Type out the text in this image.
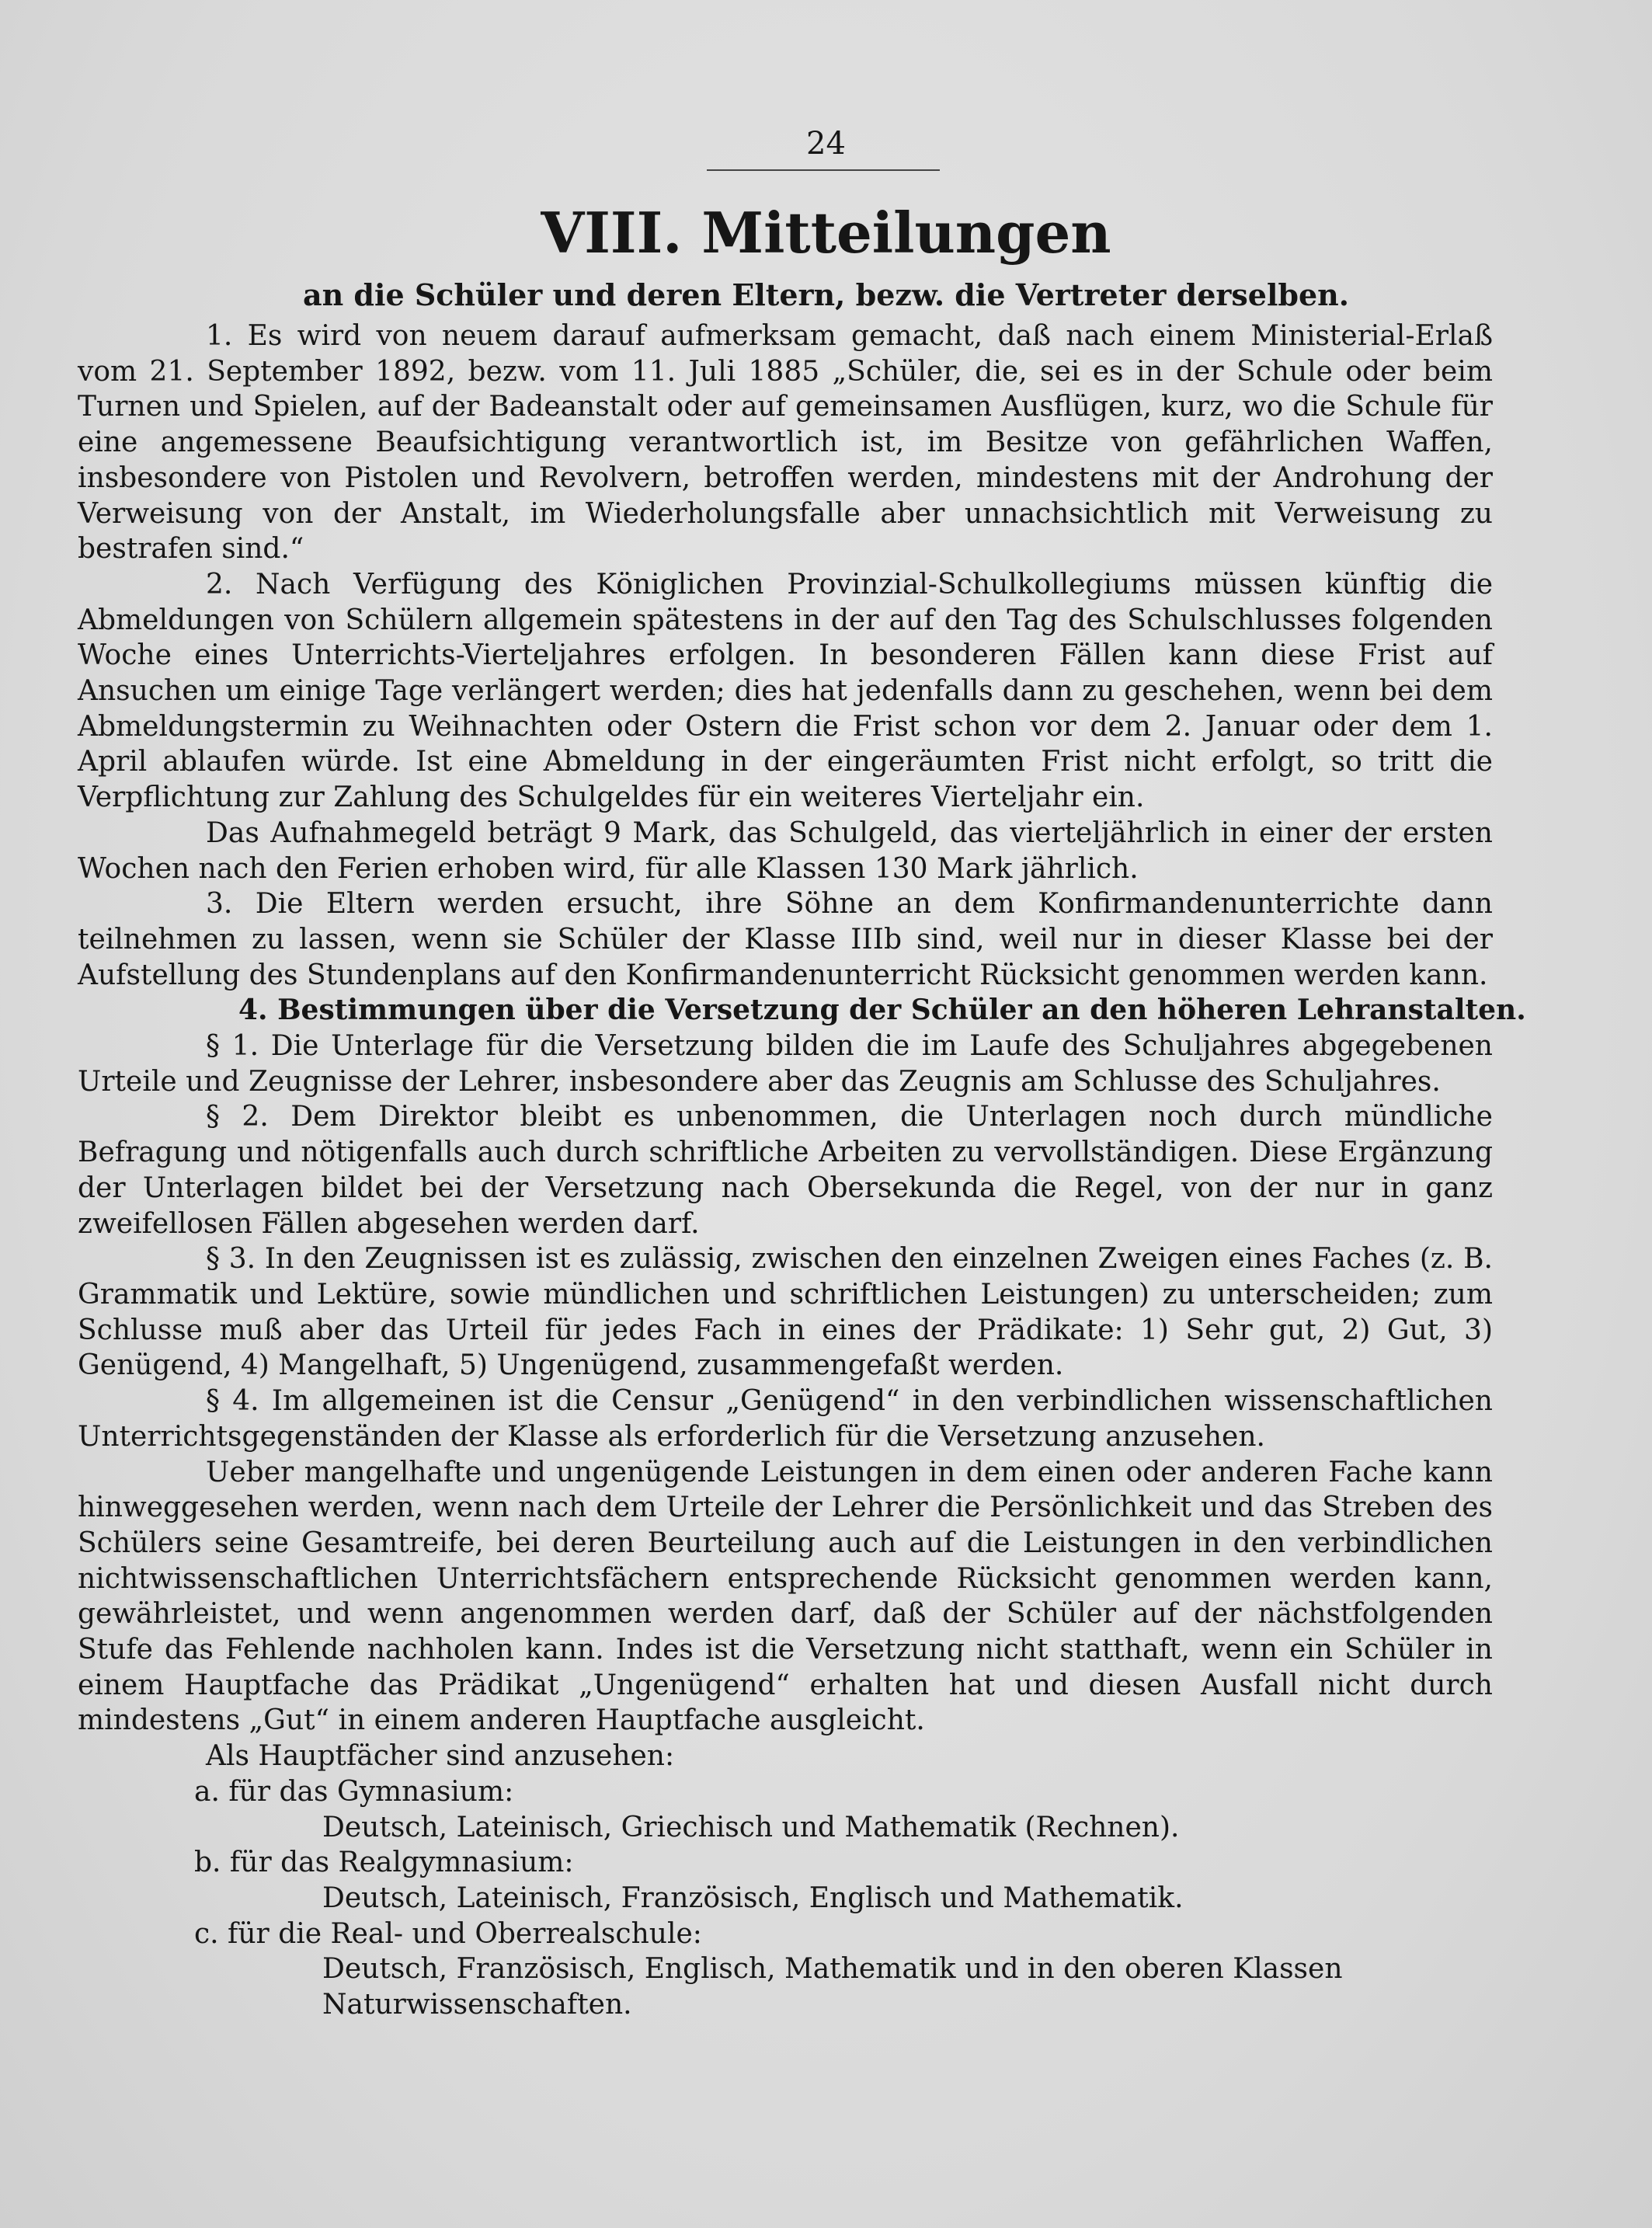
24
VIII. Mitteilungen
an die Schüler und deren Eltern, bezw. die Vertreter derselben.

1. Es wird von neuem darauf aufmerksam gemacht, daß nach einem Ministerial-Erlaß vom 21. September 1892, bezw. vom 11. Juli 1885 „Schüler, die, sei es in der Schule oder beim Turnen und Spielen, auf der Badeanstalt oder auf gemeinsamen Ausflügen, kurz, wo die Schule für eine angemessene Beaufsichtigung verantwortlich ist, im Besitze von gefährlichen Waffen, insbesondere von Pistolen und Revolvern, betroffen werden, mindestens mit der Androhung der Verweisung von der Anstalt, im Wiederholungsfalle aber unnachsichtlich mit Verweisung zu bestrafen sind.“

2. Nach Verfügung des Königlichen Provinzial-Schulkollegiums müssen künftig die Abmeldungen von Schülern allgemein spätestens in der auf den Tag des Schulschlusses folgenden Woche eines Unterrichts-Vierteljahres erfolgen. In besonderen Fällen kann diese Frist auf Ansuchen um einige Tage verlängert werden; dies hat jedenfalls dann zu geschehen, wenn bei dem Abmeldungstermin zu Weihnachten oder Ostern die Frist schon vor dem 2. Januar oder dem 1. April ablaufen würde. Ist eine Abmeldung in der eingeräumten Frist nicht erfolgt, so tritt die Verpflichtung zur Zahlung des Schulgeldes für ein weiteres Vierteljahr ein.

Das Aufnahmegeld beträgt 9 Mark, das Schulgeld, das vierteljährlich in einer der ersten Wochen nach den Ferien erhoben wird, für alle Klassen 130 Mark jährlich.

3. Die Eltern werden ersucht, ihre Söhne an dem Konfirmandenunterrichte dann teilnehmen zu lassen, wenn sie Schüler der Klasse IIIb sind, weil nur in dieser Klasse bei der Aufstellung des Stundenplans auf den Konfirmandenunterricht Rücksicht genommen werden kann.

4. Bestimmungen über die Versetzung der Schüler an den höheren Lehranstalten.

§ 1. Die Unterlage für die Versetzung bilden die im Laufe des Schuljahres abgegebenen Urteile und Zeugnisse der Lehrer, insbesondere aber das Zeugnis am Schlusse des Schuljahres.

§ 2. Dem Direktor bleibt es unbenommen, die Unterlagen noch durch mündliche Befragung und nötigenfalls auch durch schriftliche Arbeiten zu vervollständigen. Diese Ergänzung der Unterlagen bildet bei der Versetzung nach Obersekunda die Regel, von der nur in ganz zweifellosen Fällen abgesehen werden darf.

§ 3. In den Zeugnissen ist es zulässig, zwischen den einzelnen Zweigen eines Faches (z. B. Grammatik und Lektüre, sowie mündlichen und schriftlichen Leistungen) zu unterscheiden; zum Schlusse muß aber das Urteil für jedes Fach in eines der Prädikate: 1) Sehr gut, 2) Gut, 3) Genügend, 4) Mangelhaft, 5) Ungenügend, zusammengefaßt werden.

§ 4. Im allgemeinen ist die Censur „Genügend“ in den verbindlichen wissenschaftlichen Unterrichtsgegenständen der Klasse als erforderlich für die Versetzung anzusehen.

Ueber mangelhafte und ungenügende Leistungen in dem einen oder anderen Fache kann hinweggesehen werden, wenn nach dem Urteile der Lehrer die Persönlichkeit und das Streben des Schülers seine Gesamtreife, bei deren Beurteilung auch auf die Leistungen in den verbindlichen nichtwissenschaftlichen Unterrichtsfächern entsprechende Rücksicht genommen werden kann, gewährleistet, und wenn angenommen werden darf, daß der Schüler auf der nächstfolgenden Stufe das Fehlende nachholen kann. Indes ist die Versetzung nicht statthaft, wenn ein Schüler in einem Hauptfache das Prädikat „Ungenügend“ erhalten hat und diesen Ausfall nicht durch mindestens „Gut“ in einem anderen Hauptfache ausgleicht.

Als Hauptfächer sind anzusehen:

a. für das Gymnasium:
Deutsch, Lateinisch, Griechisch und Mathematik (Rechnen).
b. für das Realgymnasium:
Deutsch, Lateinisch, Französisch, Englisch und Mathematik.
c. für die Real- und Oberrealschule:
Deutsch, Französisch, Englisch, Mathematik und in den oberen Klassen Naturwissenschaften.
